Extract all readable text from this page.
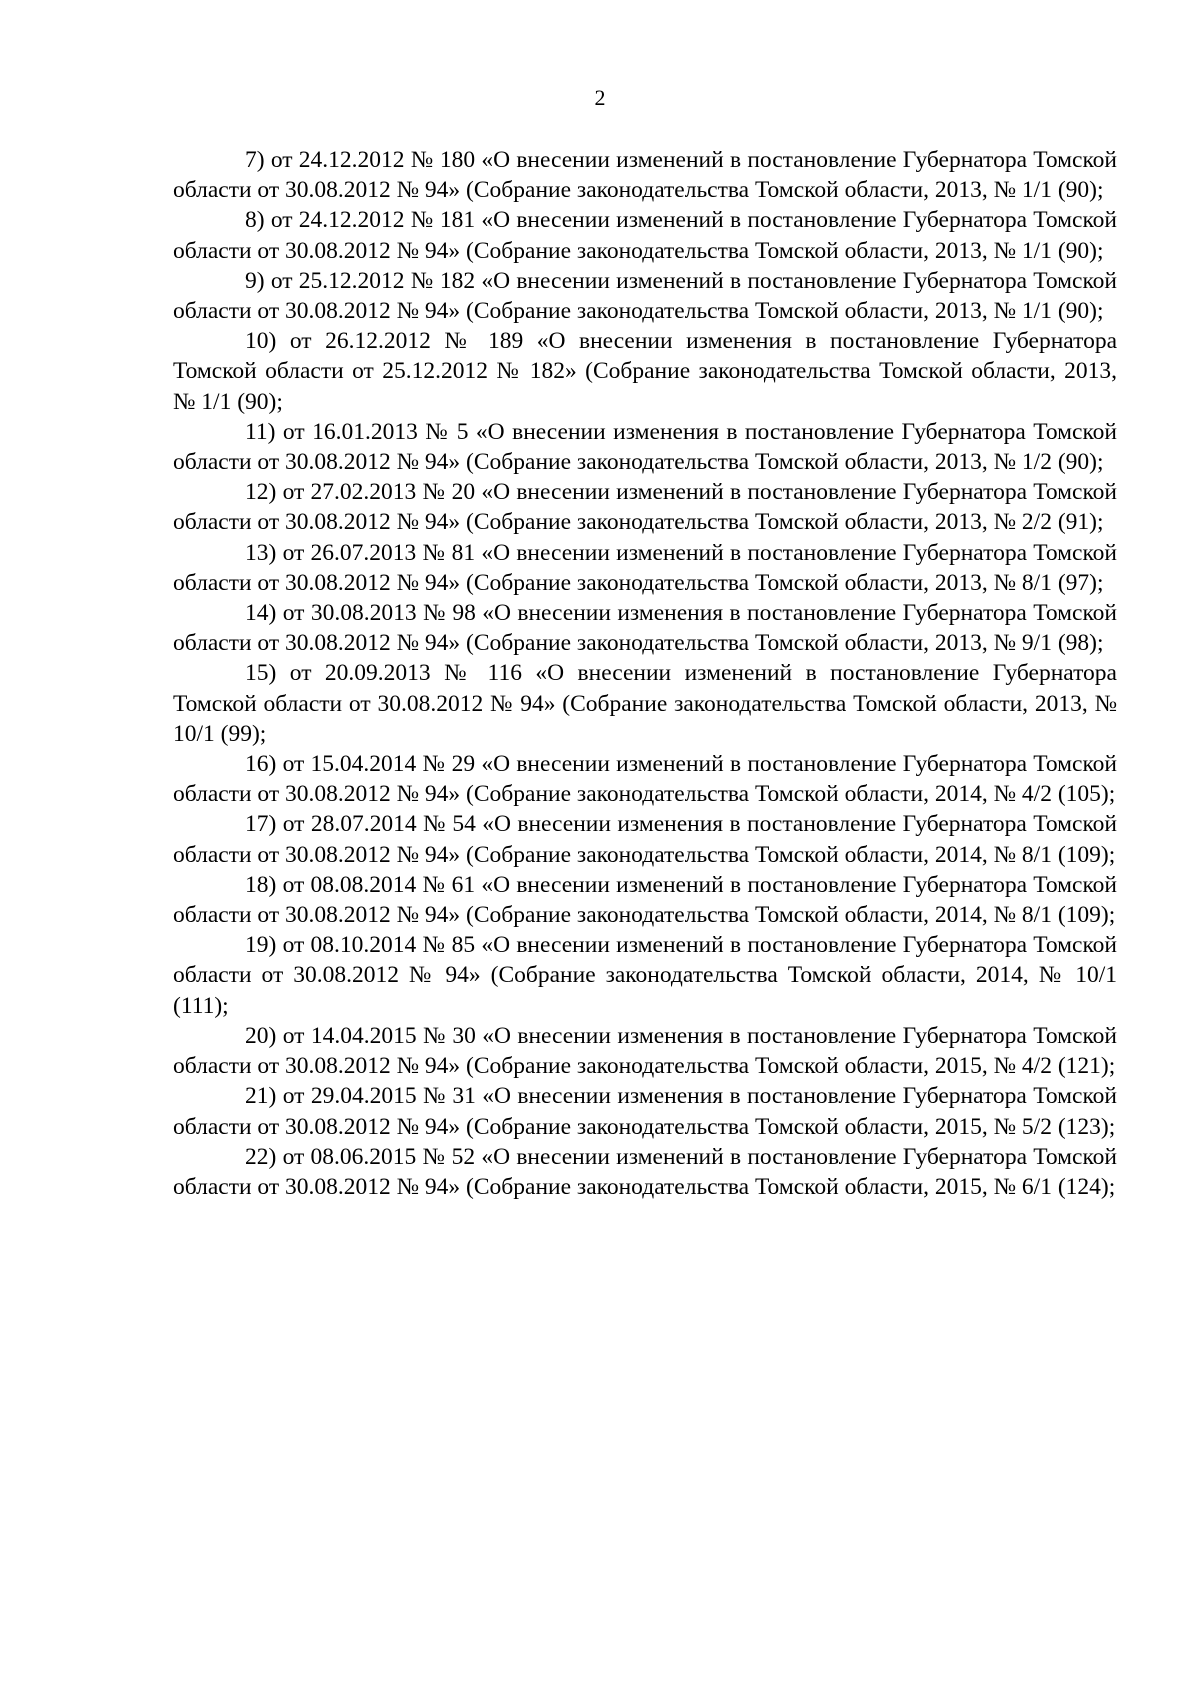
2

7) от 24.12.2012 № 180 «О внесении изменений в постановление Губернатора Томской области от 30.08.2012 № 94» (Собрание законодательства Томской области, 2013, № 1/1 (90);

8) от 24.12.2012 № 181 «О внесении изменений в постановление Губернатора Томской области от 30.08.2012 № 94» (Собрание законодательства Томской области, 2013, № 1/1 (90);

9) от 25.12.2012 № 182 «О внесении изменений в постановление Губернатора Томской области от 30.08.2012 № 94» (Собрание законодательства Томской области, 2013, № 1/1 (90);

10) от 26.12.2012 № 189 «О внесении изменения в постановление Губернатора Томской области от 25.12.2012 № 182» (Собрание законодательства Томской области, 2013, № 1/1 (90);

11) от 16.01.2013 № 5 «О внесении изменения в постановление Губернатора Томской области от 30.08.2012 № 94» (Собрание законодательства Томской области, 2013, № 1/2 (90);

12) от 27.02.2013 № 20 «О внесении изменений в постановление Губернатора Томской области от 30.08.2012 № 94» (Собрание законодательства Томской области, 2013, № 2/2 (91);

13) от 26.07.2013 № 81 «О внесении изменений в постановление Губернатора Томской области от 30.08.2012 № 94» (Собрание законодательства Томской области, 2013, № 8/1 (97);

14) от 30.08.2013 № 98 «О внесении изменения в постановление Губернатора Томской области от 30.08.2012 № 94» (Собрание законодательства Томской области, 2013, № 9/1 (98);

15) от 20.09.2013 № 116 «О внесении изменений в постановление Губернатора Томской области от 30.08.2012 № 94» (Собрание законодательства Томской области, 2013, № 10/1 (99);

16) от 15.04.2014 № 29 «О внесении изменений в постановление Губернатора Томской области от 30.08.2012 № 94» (Собрание законодательства Томской области, 2014, № 4/2 (105);

17) от 28.07.2014 № 54 «О внесении изменения в постановление Губернатора Томской области от 30.08.2012 № 94» (Собрание законодательства Томской области, 2014, № 8/1 (109);

18) от 08.08.2014 № 61 «О внесении изменений в постановление Губернатора Томской области от 30.08.2012 № 94» (Собрание законодательства Томской области, 2014, № 8/1 (109);

19) от 08.10.2014 № 85 «О внесении изменений в постановление Губернатора Томской области от 30.08.2012 № 94» (Собрание законодательства Томской области, 2014, № 10/1 (111);

20) от 14.04.2015 № 30 «О внесении изменения в постановление Губернатора Томской области от 30.08.2012 № 94» (Собрание законодательства Томской области, 2015, № 4/2 (121);

21) от 29.04.2015 № 31 «О внесении изменения в постановление Губернатора Томской области от 30.08.2012 № 94» (Собрание законодательства Томской области, 2015, № 5/2 (123);

22) от 08.06.2015 № 52 «О внесении изменений в постановление Губернатора Томской области от 30.08.2012 № 94» (Собрание законодательства Томской области, 2015, № 6/1 (124);
